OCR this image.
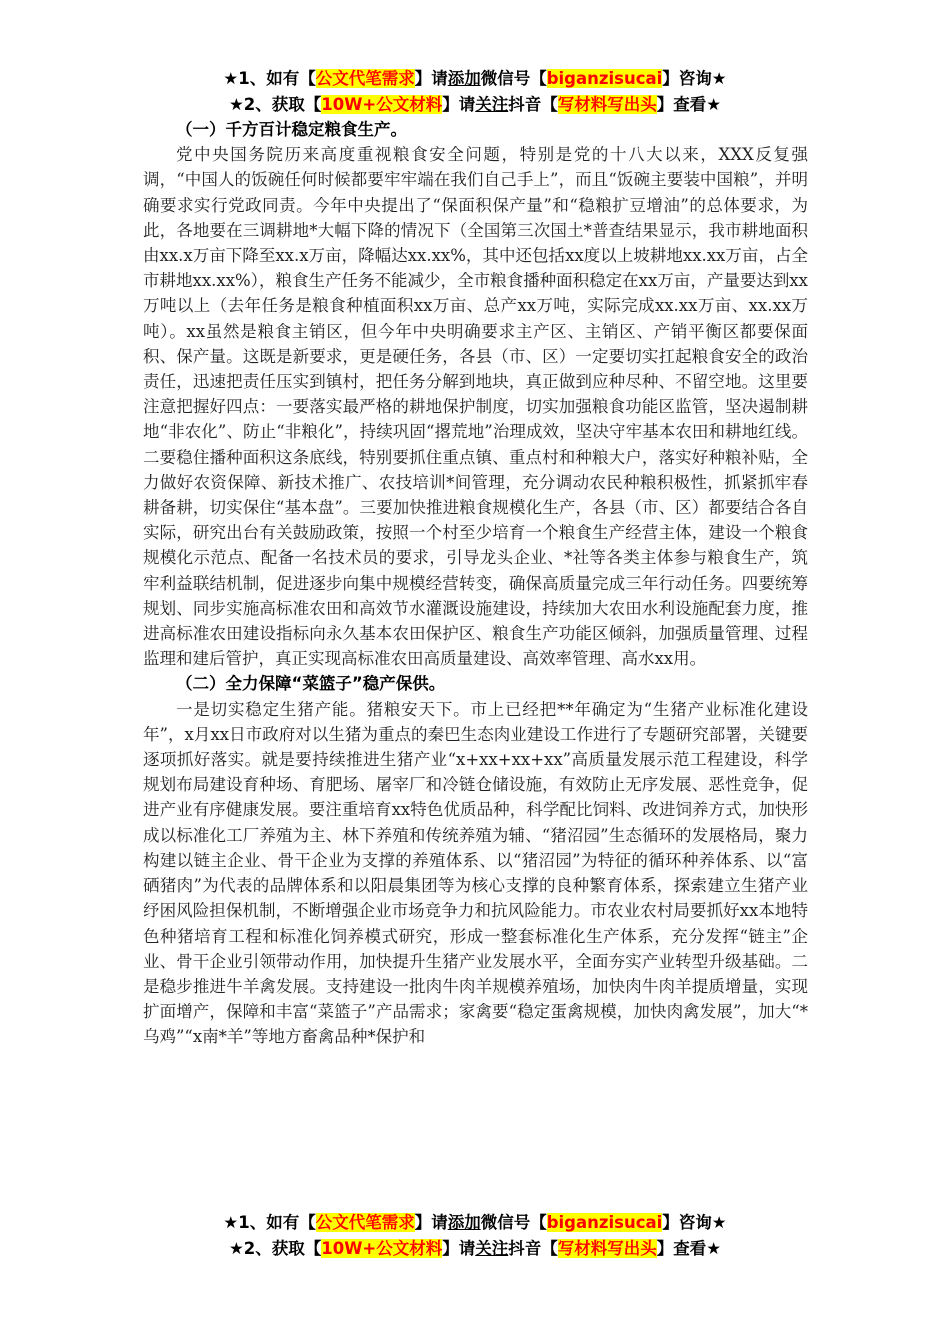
★1、如有【公文代笔需求】请添加微信号【biganzisucai】咨询★
★2、获取【10W+公文材料】请关注抖音【写材料写出头】查看★
（一）千方百计稳定粮食生产。

党中央国务院历来高度重视粮食安全问题，特别是党的十八大以来，XXX反复强调，“中国人的饭碗任何时候都要牢牢端在我们自己手上”，而且“饭碗主要装中国粮”，并明确要求实行党政同责。今年中央提出了“保面积保产量”和“稳粮扩豆增油”的总体要求，为此，各地要在三调耕地*大幅下降的情况下（全国第三次国土*普查结果显示，我市耕地面积由xx.x万亩下降至xx.x万亩，降幅达xx.xx%，其中还包括xx度以上坡耕地xx.xx万亩，占全市耕地xx.xx%），粮食生产任务不能减少，全市粮食播种面积稳定在xx万亩，产量要达到xx万吨以上（去年任务是粮食种植面积xx万亩、总产xx万吨，实际完成xx.xx万亩、xx.xx万吨）。xx虽然是粮食主销区，但今年中央明确要求主产区、主销区、产销平衡区都要保面积、保产量。这既是新要求，更是硬任务，各县（市、区）一定要切实扛起粮食安全的政治责任，迅速把责任压实到镇村，把任务分解到地块，真正做到应种尽种、不留空地。这里要注意把握好四点：一要落实最严格的耕地保护制度，切实加强粮食功能区监管，坚决遏制耕地“非农化”、防止“非粮化”，持续巩固“撂荒地”治理成效，坚决守牢基本农田和耕地红线。二要稳住播种面积这条底线，特别要抓住重点镇、重点村和种粮大户，落实好种粮补贴，全力做好农资保障、新技术推广、农技培训*间管理，充分调动农民种粮积极性，抓紧抓牢春耕备耕，切实保住“基本盘”。三要加快推进粮食规模化生产，各县（市、区）都要结合各自实际，研究出台有关鼓励政策，按照一个村至少培育一个粮食生产经营主体，建设一个粮食规模化示范点、配备一名技术员的要求，引导龙头企业、*社等各类主体参与粮食生产，筑牢利益联结机制，促进逐步向集中规模经营转变，确保高质量完成三年行动任务。四要统筹规划、同步实施高标准农田和高效节水灌溉设施建设，持续加大农田水利设施配套力度，推进高标准农田建设指标向永久基本农田保护区、粮食生产功能区倾斜，加强质量管理、过程监理和建后管护，真正实现高标准农田高质量建设、高效率管理、高水xx用。

（二）全力保障“菜篮子”稳产保供。

一是切实稳定生猪产能。猪粮安天下。市上已经把**年确定为“生猪产业标准化建设年”，x月xx日市政府对以生猪为重点的秦巴生态肉业建设工作进行了专题研究部署，关键要逐项抓好落实。就是要持续推进生猪产业“x+xx+xx+xx”高质量发展示范工程建设，科学规划布局建设育种场、育肥场、屠宰厂和冷链仓储设施，有效防止无序发展、恶性竞争，促进产业有序健康发展。要注重培育xx特色优质品种，科学配比饲料、改进饲养方式，加快形成以标准化工厂养殖为主、林下养殖和传统养殖为辅、“猪沼园”生态循环的发展格局，聚力构建以链主企业、骨干企业为支撑的养殖体系、以“猪沼园”为特征的循环种养体系、以“富硒猪肉”为代表的品牌体系和以阳晨集团等为核心支撑的良种繁育体系，探索建立生猪产业纾困风险担保机制，不断增强企业市场竞争力和抗风险能力。市农业农村局要抓好xx本地特色种猪培育工程和标准化饲养模式研究，形成一整套标准化生产体系，充分发挥“链主”企业、骨干企业引领带动作用，加快提升生猪产业发展水平，全面夯实产业转型升级基础。二是稳步推进牛羊禽发展。支持建设一批肉牛肉羊规模养殖场，加快肉牛肉羊提质增量，实现扩面增产，保障和丰富“菜篮子”产品需求；家禽要“稳定蛋禽规模，加快肉禽发展”，加大“*乌鸡”“x南*羊”等地方畜禽品种*保护和

★1、如有【公文代笔需求】请添加微信号【biganzisucai】咨询★
★2、获取【10W+公文材料】请关注抖音【写材料写出头】查看★
